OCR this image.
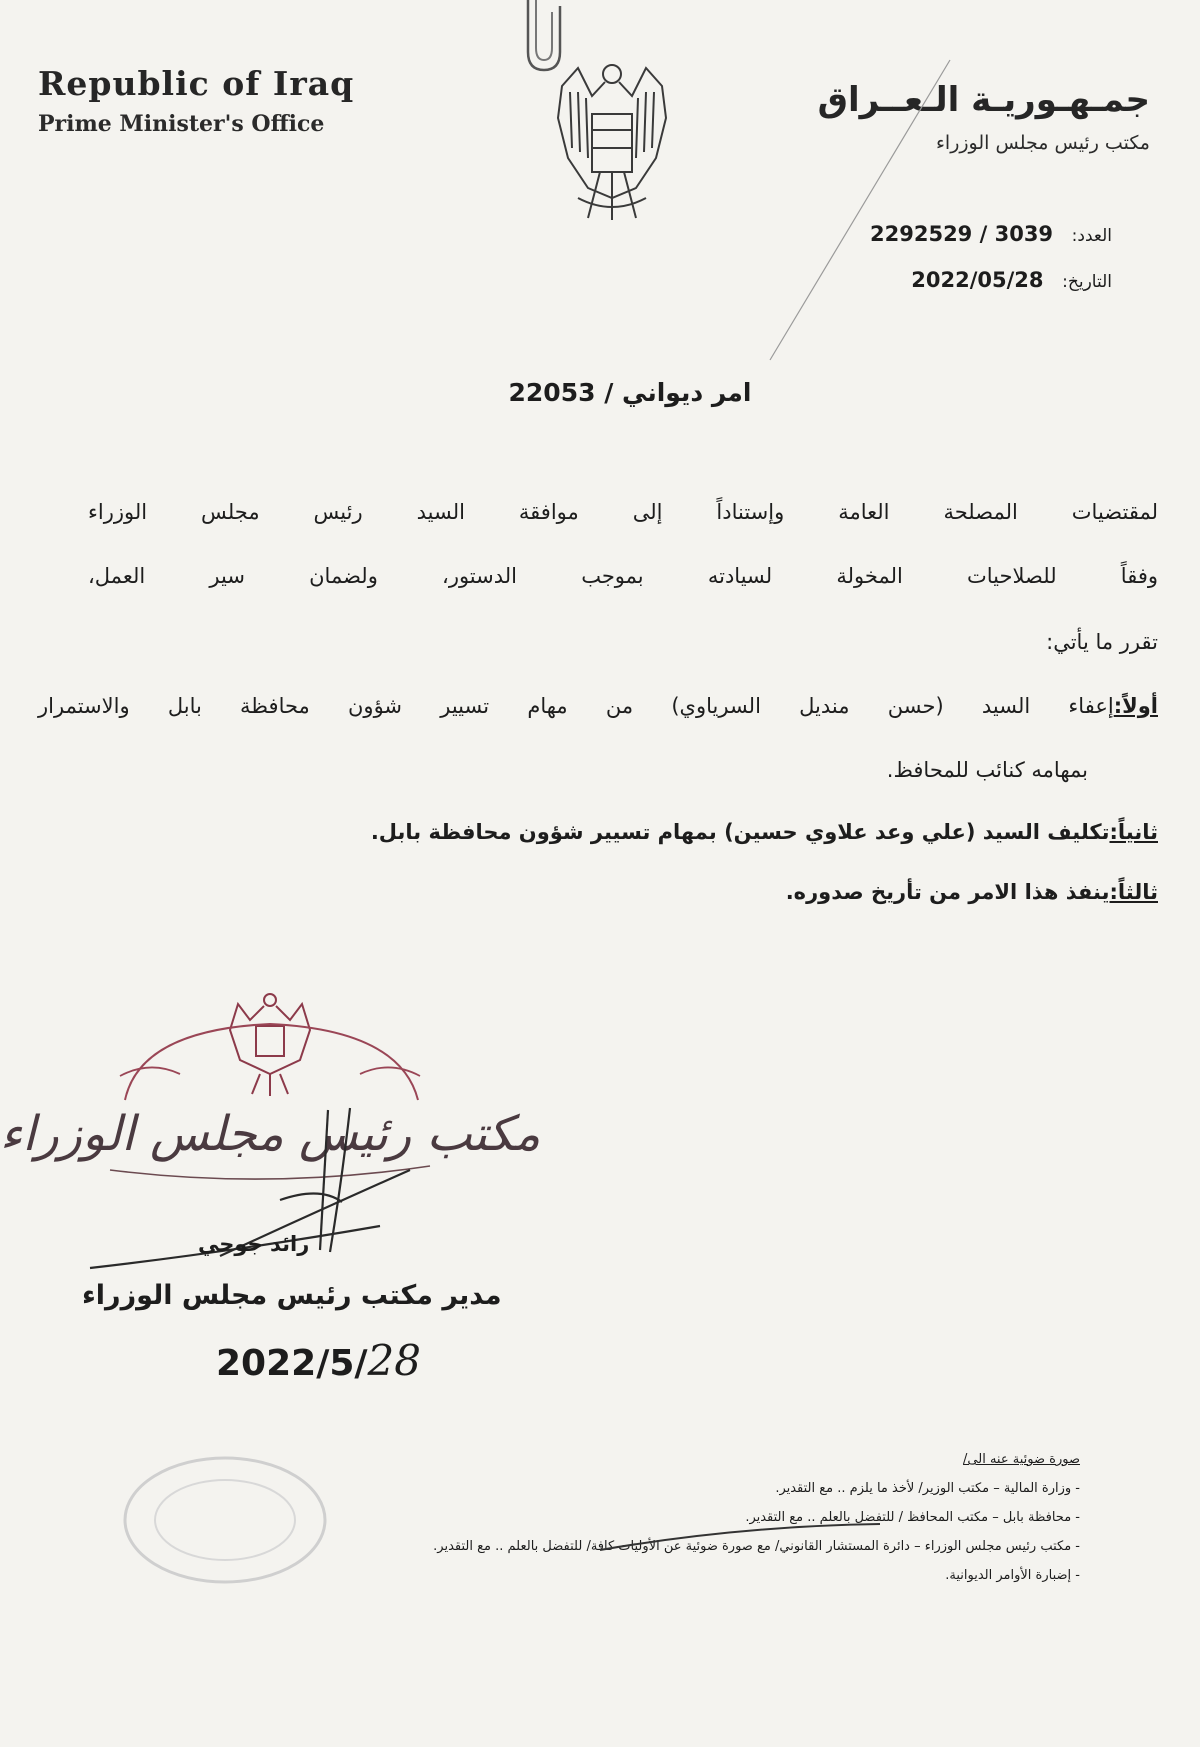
Republic of Iraq
Prime Minister's Office
جمـهـوريـة الـعــراق
مكتب رئيس مجلس الوزراء
العدد: 2292529 / 3039
التاريخ: 2022/05/28
امر ديواني / 22053
لمقتضيات المصلحة العامة وإستناداً إلى موافقة السيد رئيس مجلس الوزراء
وفقاً للصلاحيات المخولة لسيادته بموجب الدستور، ولضمان سير العمل،
تقرر ما يأتي:
أولاً:إعفاء السيد (حسن منديل السرياوي) من مهام تسيير شؤون محافظة بابل والاستمرار
بمهامه كنائب للمحافظ.
ثانياً:تكليف السيد (علي وعد علاوي حسين) بمهام تسيير شؤون محافظة بابل.
ثالثاً:ينفذ هذا الامر من تأريخ صدوره.
مكتب رئيس مجلس الوزراء
رائد جوحي
مدير مكتب رئيس مجلس الوزراء
2022/5/28
صورة ضوئية عنه الى/
- وزارة المالية – مكتب الوزير/ لأخذ ما يلزم .. مع التقدير.
- محافظة بابل – مكتب المحافظ / للتفضل بالعلم .. مع التقدير.
- مكتب رئيس مجلس الوزراء – دائرة المستشار القانوني/ مع صورة ضوئية عن الأوليات كافة/ للتفضل بالعلم .. مع التقدير.
- إضبارة الأوامر الديوانية.
